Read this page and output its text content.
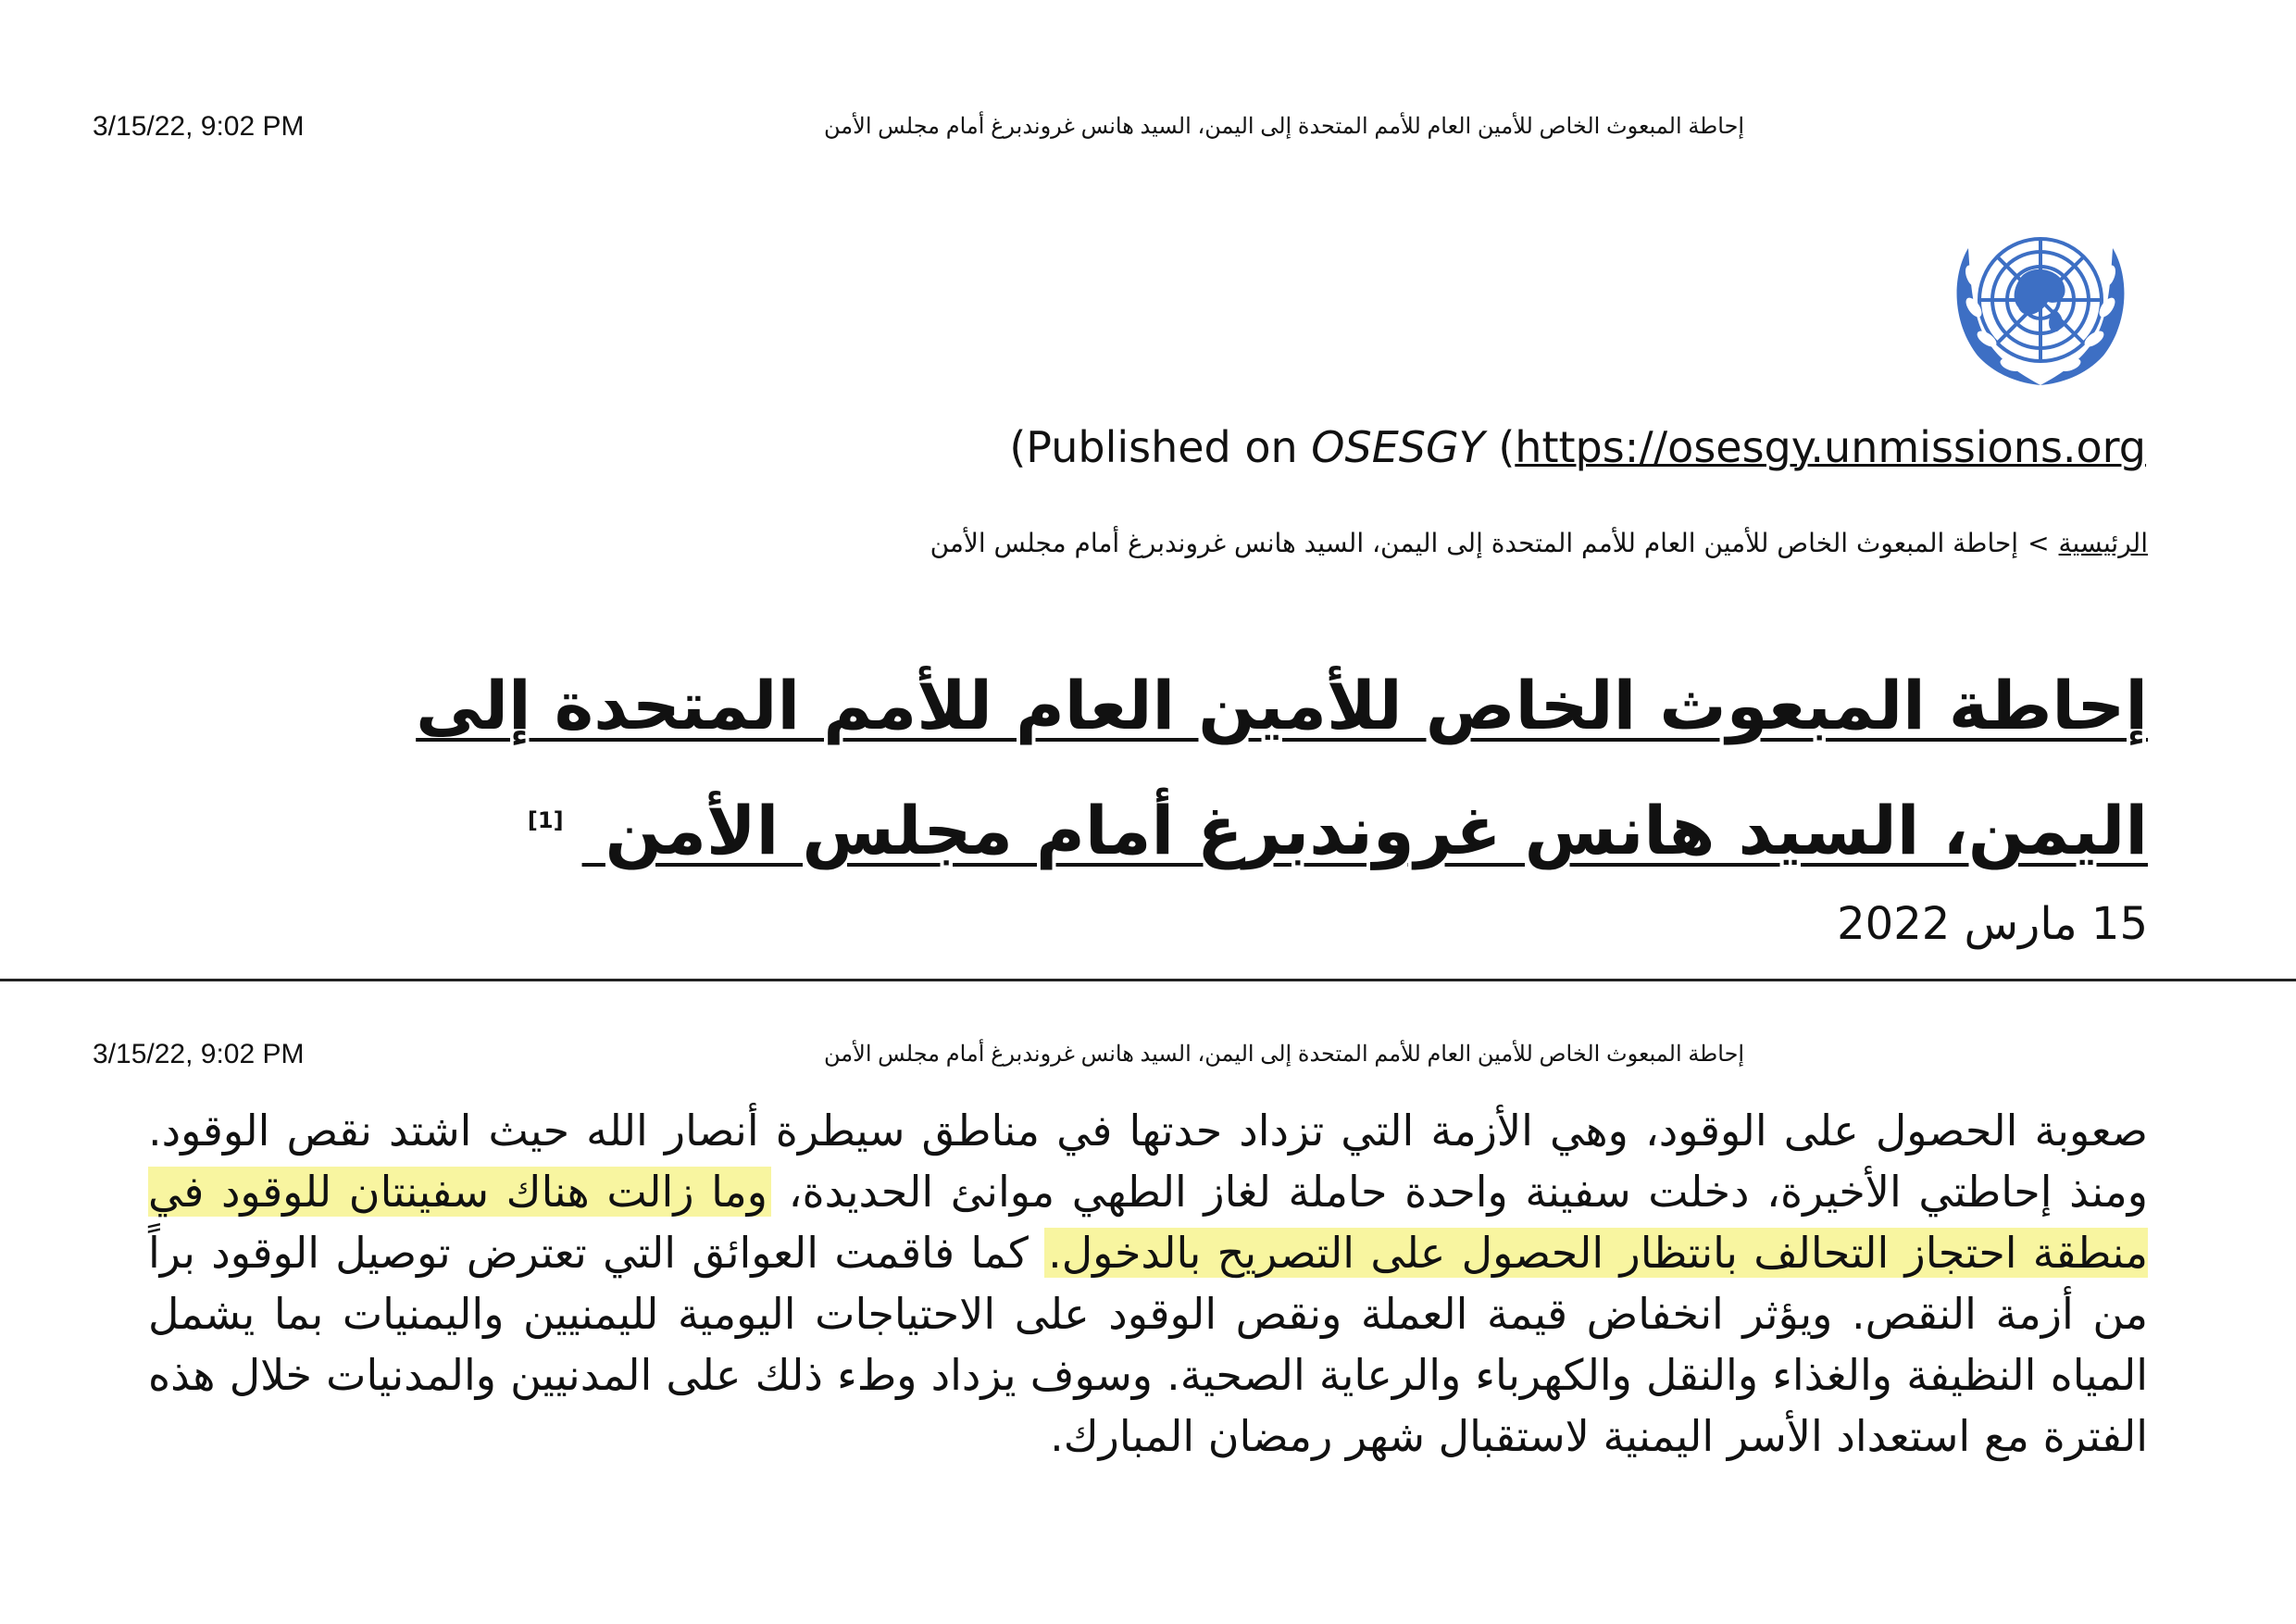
3/15/22, 9:02 PM	إحاطة المبعوث الخاص للأمين العام للأمم المتحدة إلى اليمن، السيد هانس غروندبرغ أمام مجلس الأمن
(Published on OSESGY (https://osesgy.unmissions.org
الرئيسية>إحاطة المبعوث الخاص للأمين العام للأمم المتحدة إلى اليمن، السيد هانس غروندبرغ أمام مجلس الأمن
إحاطة المبعوث الخاص للأمين العام للأمم المتحدة إلى اليمن، السيد هانس غروندبرغ أمام مجلس الأمن [1]
15 مارس 2022
3/15/22, 9:02 PM	إحاطة المبعوث الخاص للأمين العام للأمم المتحدة إلى اليمن، السيد هانس غروندبرغ أمام مجلس الأمن
صعوبة الحصول على الوقود، وهي الأزمة التي تزداد حدتها في مناطق سيطرة أنصار الله حيث اشتد نقص الوقود. ومنذ إحاطتي الأخيرة، دخلت سفينة واحدة حاملة لغاز الطهي موانئ الحديدة، وما زالت هناك سفينتان للوقود في منطقة احتجاز التحالف بانتظار الحصول على التصريح بالدخول. كما فاقمت العوائق التي تعترض توصيل الوقود براً من أزمة النقص. ويؤثر انخفاض قيمة العملة ونقص الوقود على الاحتياجات اليومية لليمنيين واليمنيات بما يشمل المياه النظيفة والغذاء والنقل والكهرباء والرعاية الصحية. وسوف يزداد وطء ذلك على المدنيين والمدنيات خلال هذه الفترة مع استعداد الأسر اليمنية لاستقبال شهر رمضان المبارك.
